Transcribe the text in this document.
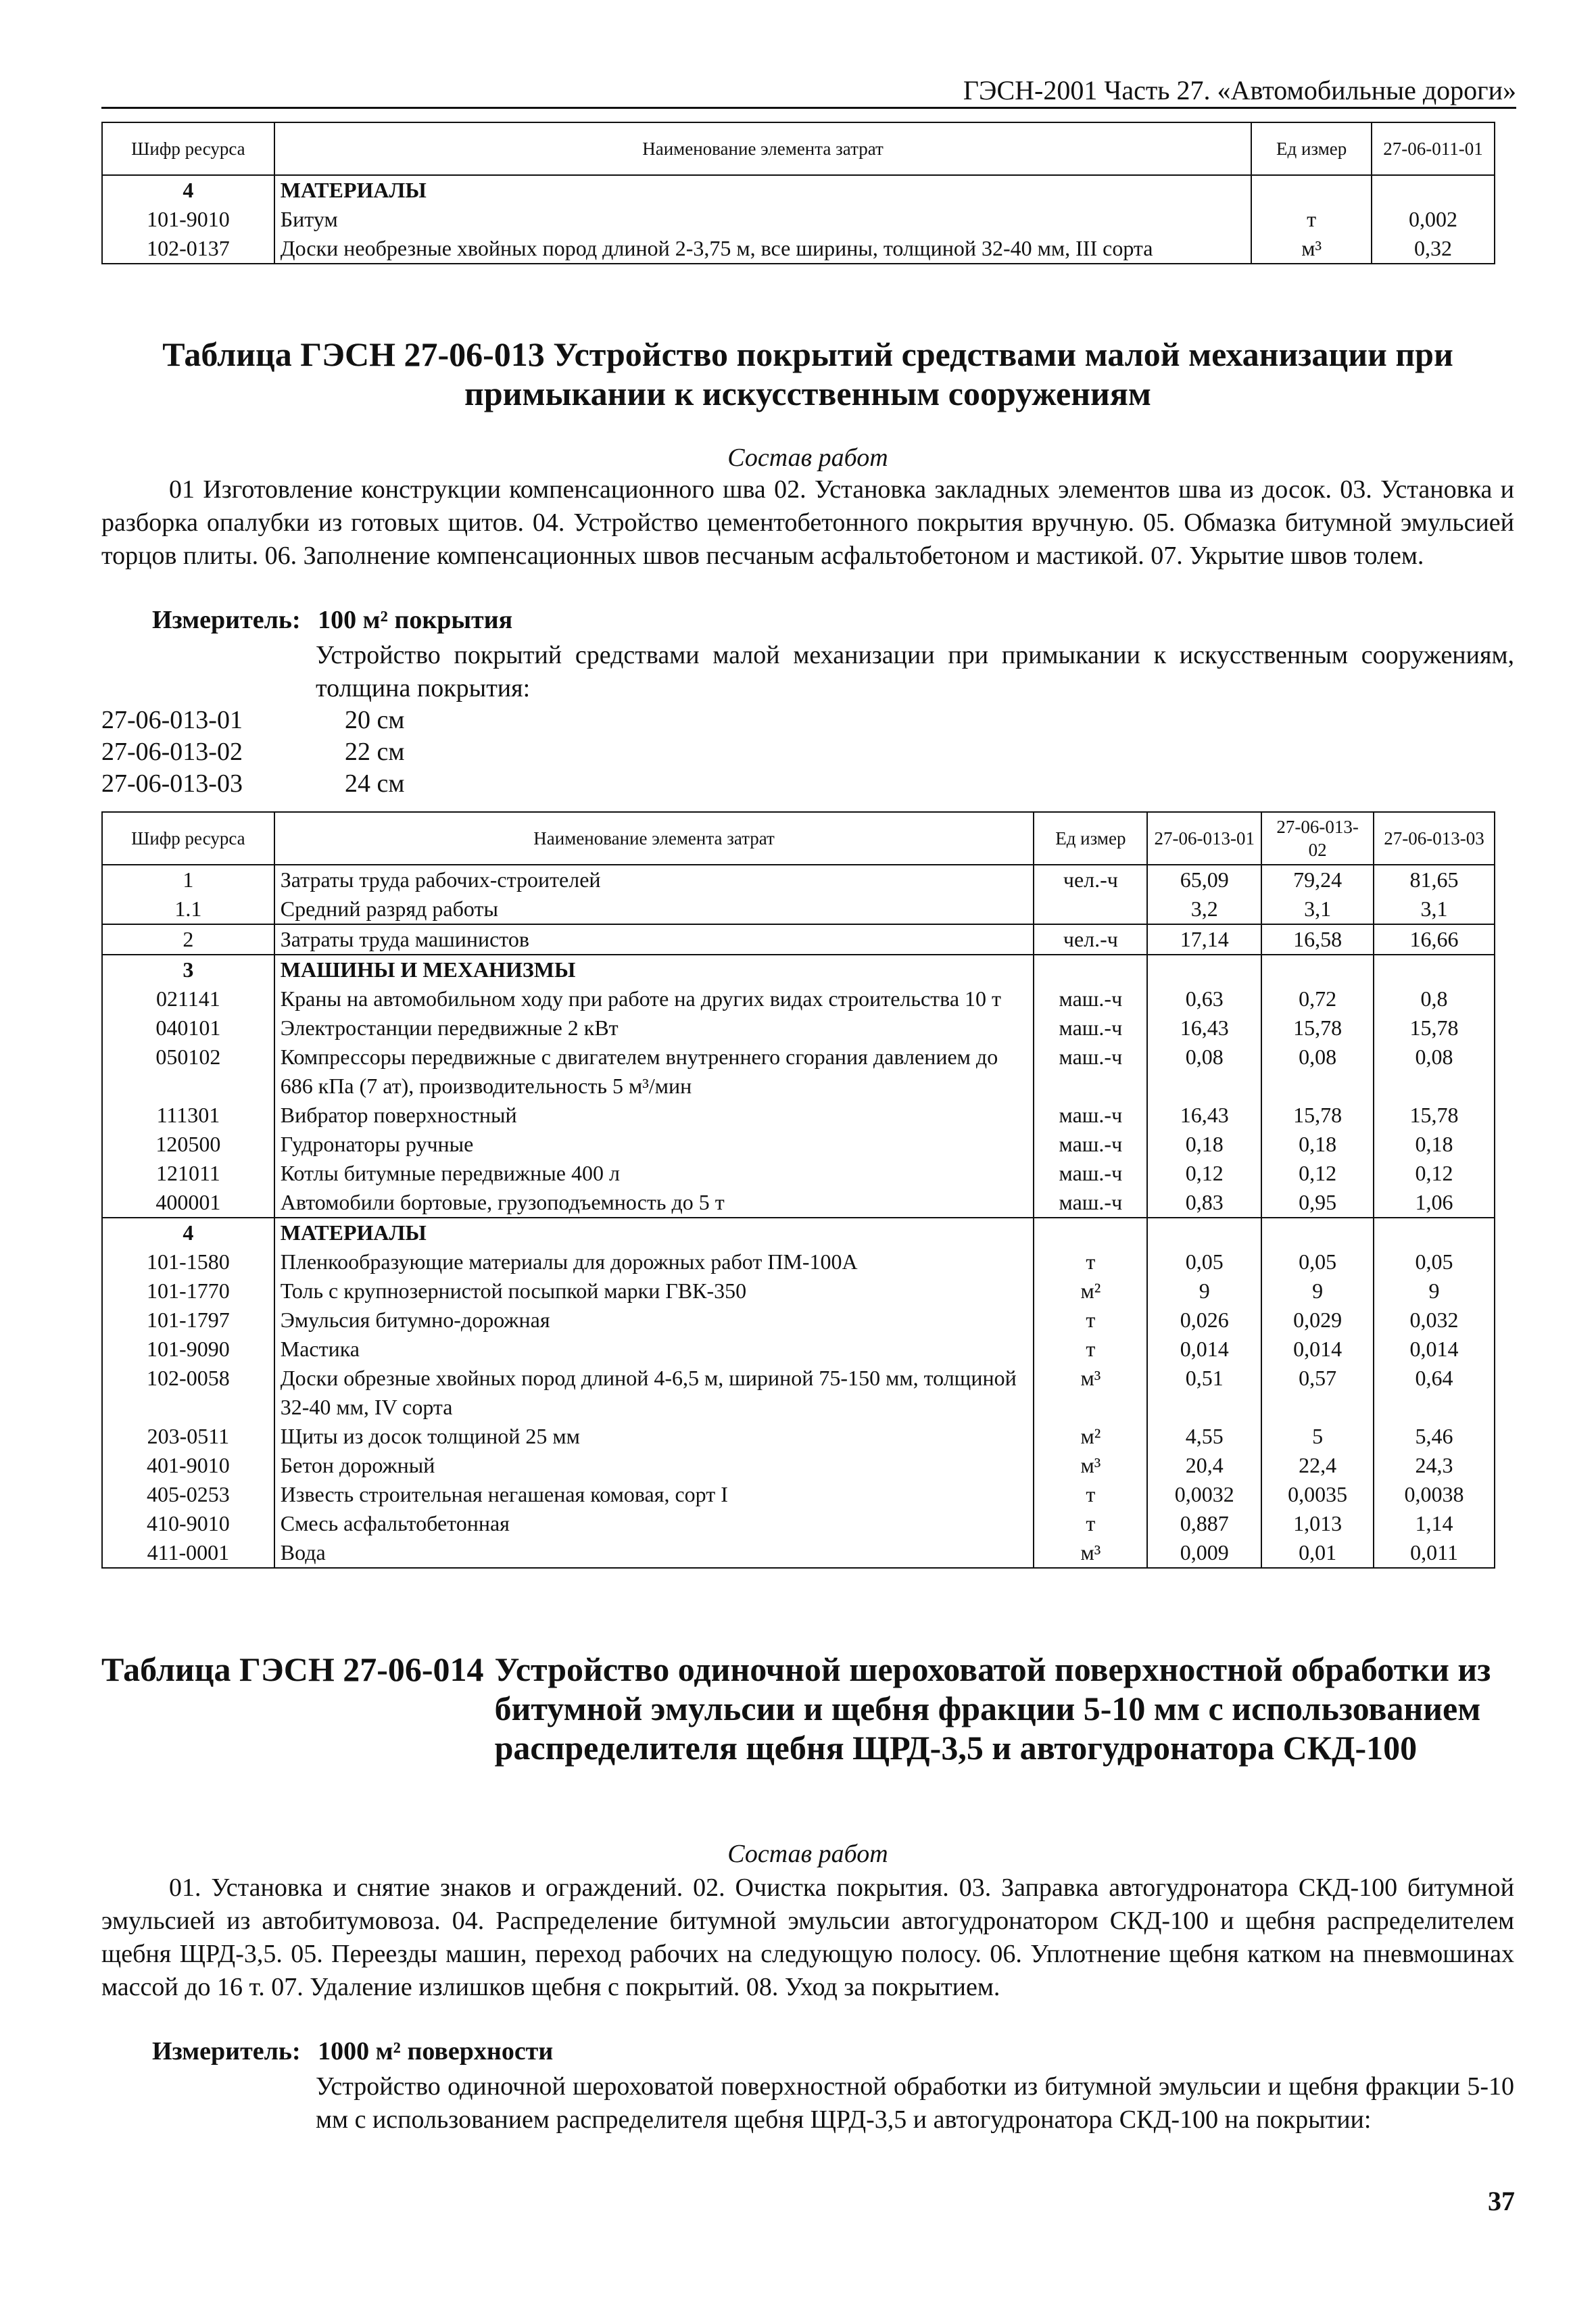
ГЭСН-2001 Часть 27. «Автомобильные дороги»
Шифр ресурса	Наименование элемента затрат	Ед измер	27-06-011-01
4	МАТЕРИАЛЫ		
101-9010	Битум	т	0,002
102-0137	Доски необрезные хвойных пород длиной 2-3,75 м, все ширины, толщиной 32-40 мм, III сорта	м³	0,32
Таблица ГЭСН 27-06-013 Устройство покрытий средствами малой механизации при примыкании к искусственным сооружениям
Состав работ
01 Изготовление конструкции компенсационного шва 02. Установка закладных элементов шва из досок. 03. Установка и разборка опалубки из готовых щитов. 04. Устройство цементобетонного покрытия вручную. 05. Обмазка битумной эмульсией торцов плиты. 06. Заполнение компенсационных швов песчаным асфальтобетоном и мастикой. 07. Укрытие швов толем.
Измеритель: 100 м² покрытия
Устройство покрытий средствами малой механизации при примыкании к искусственным сооружениям, толщина покрытия:
27-06-013-01	20 см
27-06-013-02	22 см
27-06-013-03	24 см
Шифр ресурса	Наименование элемента затрат	Ед измер	27-06-013-01	27-06-013-02	27-06-013-03
1	Затраты труда рабочих-строителей	чел.-ч	65,09	79,24	81,65
1.1	Средний разряд работы		3,2	3,1	3,1
2	Затраты труда машинистов	чел.-ч	17,14	16,58	16,66
3	МАШИНЫ И МЕХАНИЗМЫ				
021141	Краны на автомобильном ходу при работе на других видах строительства 10 т	маш.-ч	0,63	0,72	0,8
040101	Электростанции передвижные 2 кВт	маш.-ч	16,43	15,78	15,78
050102	Компрессоры передвижные с двигателем внутреннего сгорания давлением до 686 кПа (7 ат), производительность 5 м³/мин	маш.-ч	0,08	0,08	0,08
111301	Вибратор поверхностный	маш.-ч	16,43	15,78	15,78
120500	Гудронаторы ручные	маш.-ч	0,18	0,18	0,18
121011	Котлы битумные передвижные 400 л	маш.-ч	0,12	0,12	0,12
400001	Автомобили бортовые, грузоподъемность до 5 т	маш.-ч	0,83	0,95	1,06
4	МАТЕРИАЛЫ				
101-1580	Пленкообразующие материалы для дорожных работ ПМ-100А	т	0,05	0,05	0,05
101-1770	Толь с крупнозернистой посыпкой марки ГВК-350	м²	9	9	9
101-1797	Эмульсия битумно-дорожная	т	0,026	0,029	0,032
101-9090	Мастика	т	0,014	0,014	0,014
102-0058	Доски обрезные хвойных пород длиной 4-6,5 м, шириной 75-150 мм, толщиной 32-40 мм, IV сорта	м³	0,51	0,57	0,64
203-0511	Щиты из досок толщиной 25 мм	м²	4,55	5	5,46
401-9010	Бетон дорожный	м³	20,4	22,4	24,3
405-0253	Известь строительная негашеная комовая, сорт I	т	0,0032	0,0035	0,0038
410-9010	Смесь асфальтобетонная	т	0,887	1,013	1,14
411-0001	Вода	м³	0,009	0,01	0,011
Таблица ГЭСН 27-06-014 Устройство одиночной шероховатой поверхностной обработки из битумной эмульсии и щебня фракции 5-10 мм с использованием распределителя щебня ЩРД-3,5 и автогудронатора СКД-100
Состав работ
01. Установка и снятие знаков и ограждений. 02. Очистка покрытия. 03. Заправка автогудронатора СКД-100 битумной эмульсией из автобитумовоза. 04. Распределение битумной эмульсии автогудронатором СКД-100 и щебня распределителем щебня ЩРД-3,5. 05. Переезды машин, переход рабочих на следующую полосу. 06. Уплотнение щебня катком на пневмошинах массой до 16 т. 07. Удаление излишков щебня с покрытий. 08. Уход за покрытием.
Измеритель: 1000 м² поверхности
Устройство одиночной шероховатой поверхностной обработки из битумной эмульсии и щебня фракции 5-10 мм с использованием распределителя щебня ЩРД-3,5 и автогудронатора СКД-100 на покрытии:
37
